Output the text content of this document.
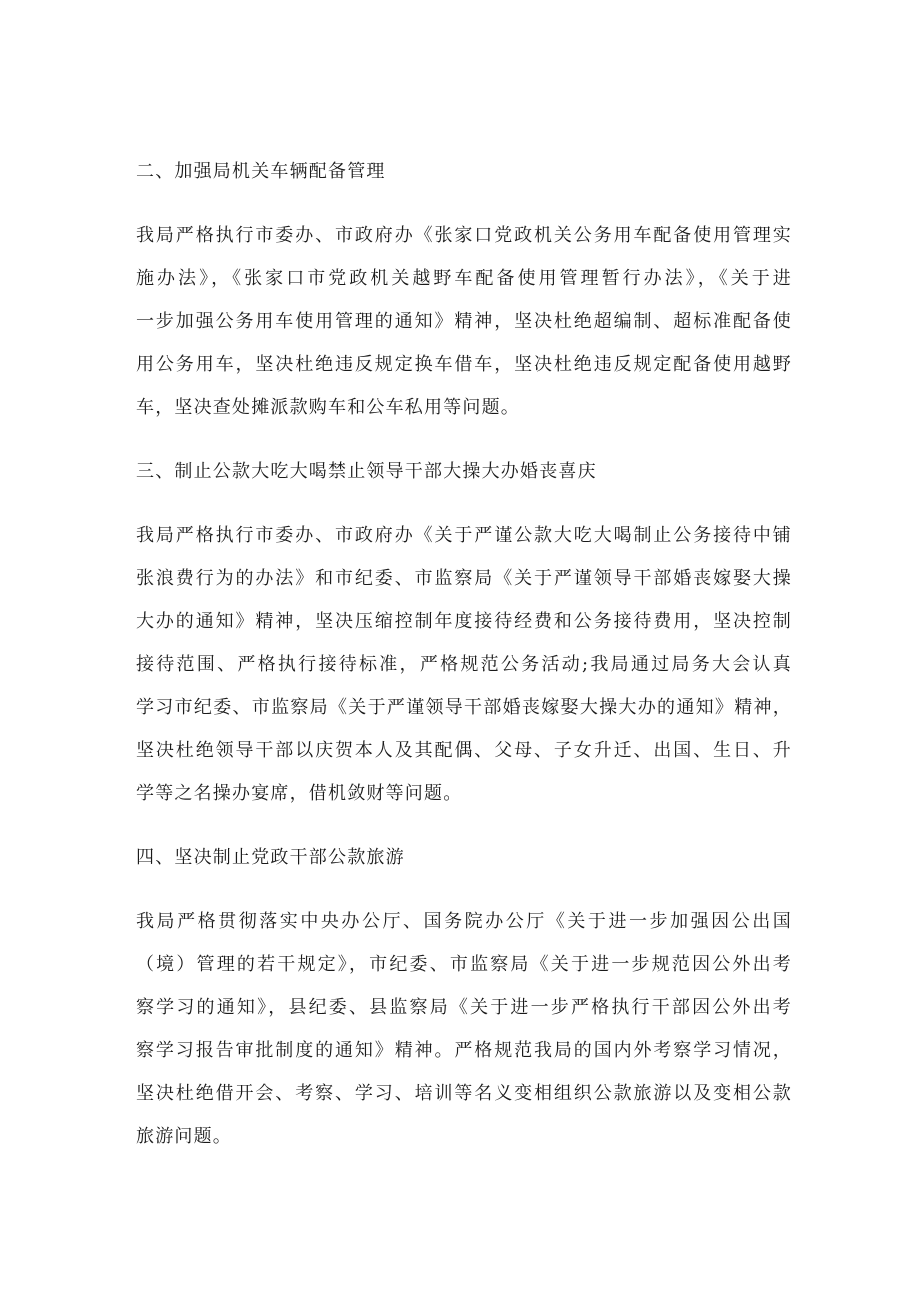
二、加强局机关车辆配备管理

我局严格执行市委办、市政府办《张家口党政机关公务用车配备使用管理实
施办法》，《张家口市党政机关越野车配备使用管理暂行办法》，《关于进
一步加强公务用车使用管理的通知》精神，坚决杜绝超编制、超标准配备使
用公务用车，坚决杜绝违反规定换车借车，坚决杜绝违反规定配备使用越野
车，坚决查处摊派款购车和公车私用等问题。

三、制止公款大吃大喝禁止领导干部大操大办婚丧喜庆

我局严格执行市委办、市政府办《关于严谨公款大吃大喝制止公务接待中铺
张浪费行为的办法》和市纪委、市监察局《关于严谨领导干部婚丧嫁娶大操
大办的通知》精神，坚决压缩控制年度接待经费和公务接待费用，坚决控制
接待范围、严格执行接待标准，严格规范公务活动;我局通过局务大会认真
学习市纪委、市监察局《关于严谨领导干部婚丧嫁娶大操大办的通知》精神，
坚决杜绝领导干部以庆贺本人及其配偶、父母、子女升迁、出国、生日、升
学等之名操办宴席，借机敛财等问题。

四、坚决制止党政干部公款旅游

我局严格贯彻落实中央办公厅、国务院办公厅《关于进一步加强因公出国
（境）管理的若干规定》，市纪委、市监察局《关于进一步规范因公外出考
察学习的通知》，县纪委、县监察局《关于进一步严格执行干部因公外出考
察学习报告审批制度的通知》精神。严格规范我局的国内外考察学习情况，
坚决杜绝借开会、考察、学习、培训等名义变相组织公款旅游以及变相公款
旅游问题。
